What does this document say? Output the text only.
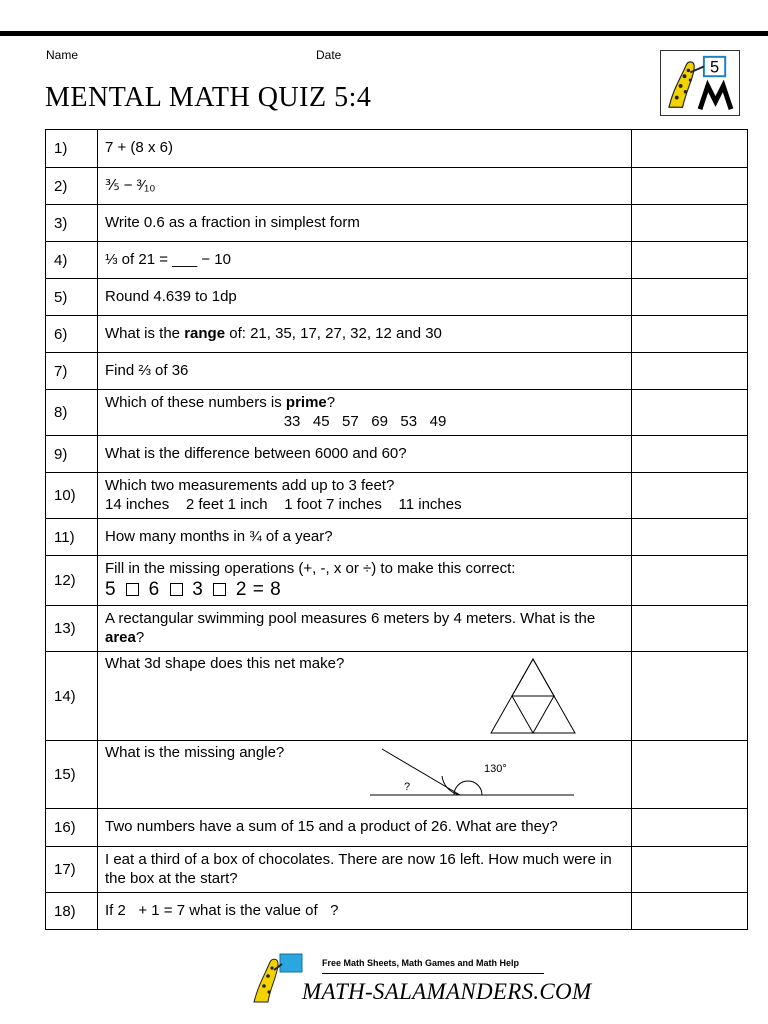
Name	Date
MENTAL MATH QUIZ 5:4
5
1)	7 + (8 x 6)	
2)	⅗ − ³⁄₁₀	
3)	Write 0.6 as a fraction in simplest form	
4)	⅓ of 21 = ___ − 10	
5)	Round 4.639 to 1dp	
6)	What is the range of: 21, 35, 17, 27, 32, 12 and 30	
7)	Find ⅔ of 36	
8)	Which of these numbers is prime?
33   45   57   69   53   49	

9)	What is the difference between 6000 and 60?	
10)	Which two measurements add up to 3 feet?
14 inches    2 feet 1 inch    1 foot 7 inches    11 inches	

11)	How many months in ¾ of a year?	
12)	Fill in the missing operations (+, -, x or ÷) to make this correct:
5 6 3 2 = 8	

13)	A rectangular swimming pool measures 6 meters by 4 meters. What is the area?	
14)	What 3d shape does this net make?	

15)	What is the missing angle?
130°
?	

16)	Two numbers have a sum of 15 and a product of 26. What are they?	
17)	I eat a third of a box of chocolates. There are now 16 left. How much were in the box at the start?	
18)	If 2   + 1 = 7 what is the value of   ?	
Free Math Sheets, Math Games and Math Help
MATH-SALAMANDERS.COM
